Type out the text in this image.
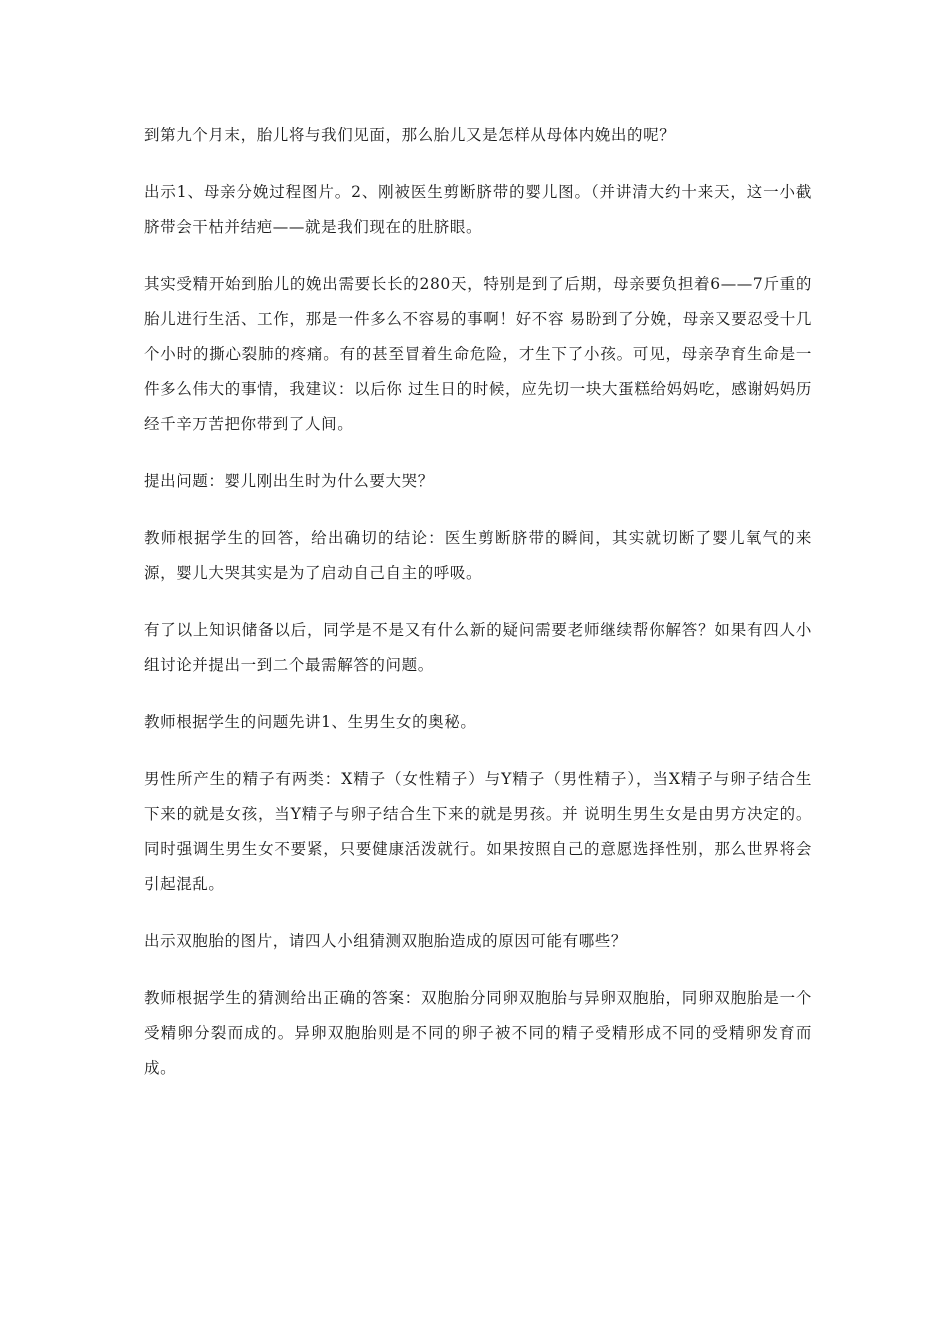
到第九个月末，胎儿将与我们见面，那么胎儿又是怎样从母体内娩出的呢？

出示1、母亲分娩过程图片。2、刚被医生剪断脐带的婴儿图。（并讲清大约十来天，这一小截脐带会干枯并结疤——就是我们现在的肚脐眼。

其实受精开始到胎儿的娩出需要长长的280天，特别是到了后期，母亲要负担着6——7斤重的胎儿进行生活、工作，那是一件多么不容易的事啊！好不容 易盼到了分娩，母亲又要忍受十几个小时的撕心裂肺的疼痛。有的甚至冒着生命危险，才生下了小孩。可见，母亲孕育生命是一件多么伟大的事情，我建议：以后你 过生日的时候，应先切一块大蛋糕给妈妈吃，感谢妈妈历经千辛万苦把你带到了人间。

提出问题：婴儿刚出生时为什么要大哭？

教师根据学生的回答，给出确切的结论：医生剪断脐带的瞬间，其实就切断了婴儿氧气的来源，婴儿大哭其实是为了启动自己自主的呼吸。

有了以上知识储备以后，同学是不是又有什么新的疑问需要老师继续帮你解答？如果有四人小组讨论并提出一到二个最需解答的问题。

教师根据学生的问题先讲1、生男生女的奥秘。

男性所产生的精子有两类：X精子（女性精子）与Y精子（男性精子），当X精子与卵子结合生下来的就是女孩，当Y精子与卵子结合生下来的就是男孩。并 说明生男生女是由男方决定的。同时强调生男生女不要紧，只要健康活泼就行。如果按照自己的意愿选择性别，那么世界将会引起混乱。

出示双胞胎的图片，请四人小组猜测双胞胎造成的原因可能有哪些？

教师根据学生的猜测给出正确的答案：双胞胎分同卵双胞胎与异卵双胞胎，同卵双胞胎是一个受精卵分裂而成的。异卵双胞胎则是不同的卵子被不同的精子受精形成不同的受精卵发育而成。
